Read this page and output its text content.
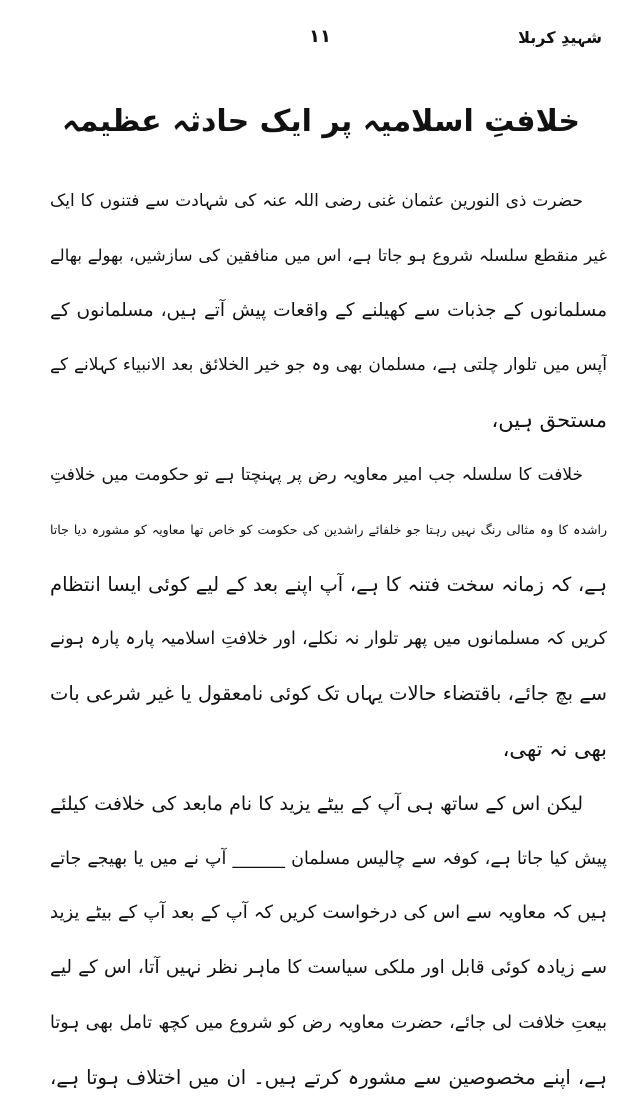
شہیدِ کربلا
۱۱
خلافتِ اسلامیہ پر ایک حادثہ عظیمہ
حضرت ذی النورین عثمان غنی رضی اللہ عنہ کی شہادت سے فتنوں کا ایک
غیر منقطع سلسلہ شروع ہو جاتا ہے، اس میں منافقین کی سازشیں، بھولے بھالے
مسلمانوں کے جذبات سے کھیلنے کے واقعات پیش آتے ہیں، مسلمانوں کے
آپس میں تلوار چلتی ہے، مسلمان بھی وہ جو خیر الخلائق بعد الانبیاء کہلانے کے
مستحق ہیں،
خلافت کا سلسلہ جب امیر معاویہ رض پر پہنچتا ہے تو حکومت میں خلافتِ
راشدہ کا وہ مثالی رنگ نہیں رہتا جو خلفائے راشدین کی حکومت کو خاص تھا معاویہ کو مشورہ دیا جاتا
ہے، کہ زمانہ سخت فتنہ کا ہے، آپ اپنے بعد کے لیے کوئی ایسا انتظام
کریں کہ مسلمانوں میں پھر تلوار نہ نکلے، اور خلافتِ اسلامیہ پارہ پارہ ہونے
سے بچ جائے، باقتضاء حالات یہاں تک کوئی نامعقول یا غیر شرعی بات
بھی نہ تھی،
لیکن اس کے ساتھ ہی آپ کے بیٹے یزید کا نام مابعد کی خلافت کیلئے
پیش کیا جاتا ہے، کوفہ سے چالیس مسلمان ______ آپ نے میں یا بھیجے جاتے
ہیں کہ معاویہ سے اس کی درخواست کریں کہ آپ کے بعد آپ کے بیٹے یزید
سے زیادہ کوئی قابل اور ملکی سیاست کا ماہر نظر نہیں آتا، اس کے لیے
بیعتِ خلافت لی جائے، حضرت معاویہ رض کو شروع میں کچھ تامل بھی ہوتا
ہے، اپنے مخصوصین سے مشورہ کرتے ہیں۔ ان میں اختلاف ہوتا ہے،
